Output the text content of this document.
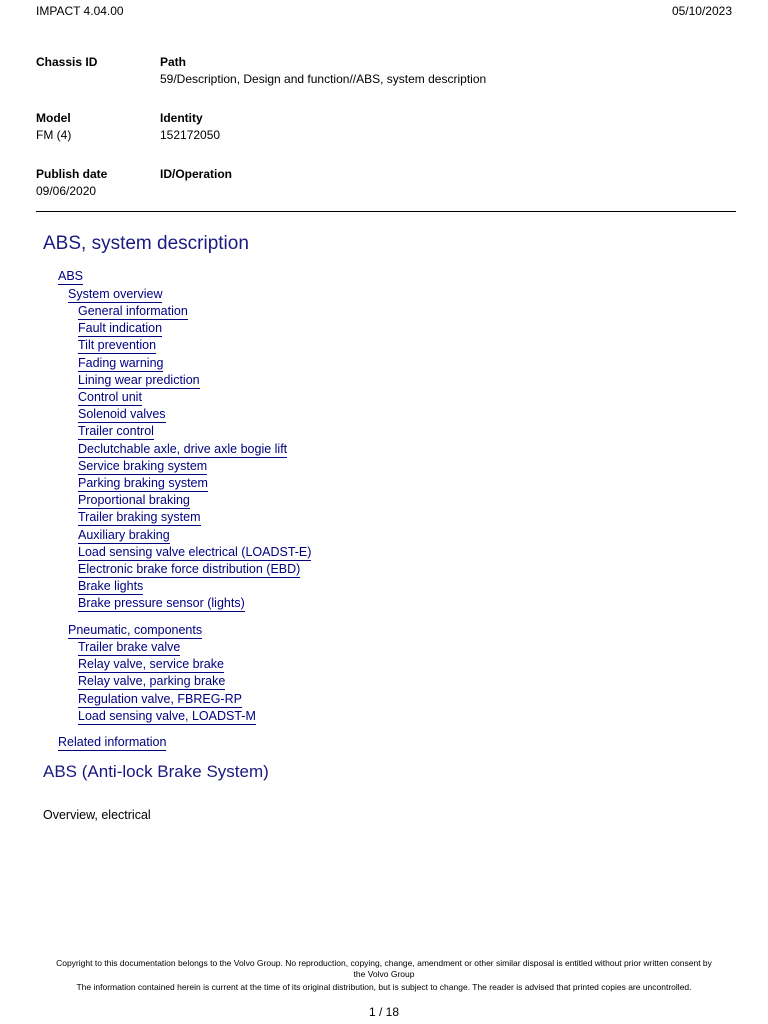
IMPACT 4.04.00	05/10/2023
Chassis ID	Path
59/Description, Design and function//ABS, system description
Model
FM (4)
Identity
152172050
Publish date
09/06/2020
ID/Operation
ABS, system description
ABS
System overview
General information
Fault indication
Tilt prevention
Fading warning
Lining wear prediction
Control unit
Solenoid valves
Trailer control
Declutchable axle, drive axle bogie lift
Service braking system
Parking braking system
Proportional braking
Trailer braking system
Auxiliary braking
Load sensing valve electrical (LOADST-E)
Electronic brake force distribution (EBD)
Brake lights
Brake pressure sensor (lights)
Pneumatic, components
Trailer brake valve
Relay valve, service brake
Relay valve, parking brake
Regulation valve, FBREG-RP
Load sensing valve, LOADST-M
Related information
ABS (Anti-lock Brake System)
Overview, electrical
Copyright to this documentation belongs to the Volvo Group. No reproduction, copying, change, amendment or other similar disposal is entitled without prior written consent by
the Volvo Group
The information contained herein is current at the time of its original distribution, but is subject to change. The reader is advised that printed copies are uncontrolled.
1 / 18
